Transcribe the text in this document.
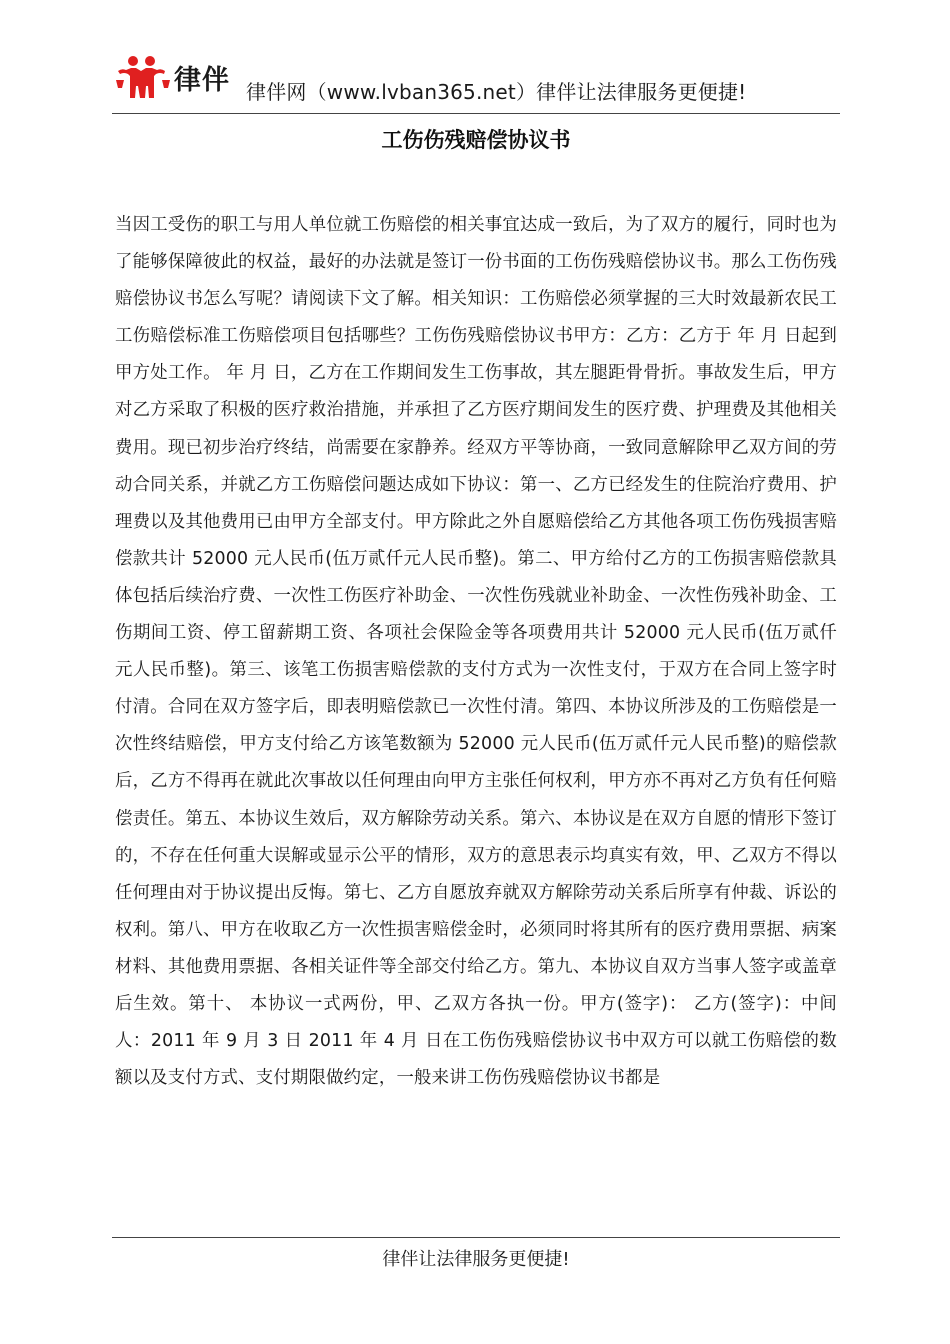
律伴 律伴网（www.lvban365.net）律伴让法律服务更便捷!
工伤伤残赔偿协议书
当因工受伤的职工与用人单位就工伤赔偿的相关事宜达成一致后，为了双方的履行，同时也为了能够保障彼此的权益，最好的办法就是签订一份书面的工伤伤残赔偿协议书。那么工伤伤残赔偿协议书怎么写呢？请阅读下文了解。相关知识：工伤赔偿必须掌握的三大时效最新农民工工伤赔偿标准工伤赔偿项目包括哪些？工伤伤残赔偿协议书甲方：乙方：乙方于 年 月 日起到甲方处工作。 年 月 日，乙方在工作期间发生工伤事故，其左腿距骨骨折。事故发生后，甲方对乙方采取了积极的医疗救治措施，并承担了乙方医疗期间发生的医疗费、护理费及其他相关费用。现已初步治疗终结，尚需要在家静养。经双方平等协商，一致同意解除甲乙双方间的劳动合同关系，并就乙方工伤赔偿问题达成如下协议：第一、乙方已经发生的住院治疗费用、护理费以及其他费用已由甲方全部支付。甲方除此之外自愿赔偿给乙方其他各项工伤伤残损害赔偿款共计 52000 元人民币(伍万贰仟元人民币整)。第二、甲方给付乙方的工伤损害赔偿款具体包括后续治疗费、一次性工伤医疗补助金、一次性伤残就业补助金、一次性伤残补助金、工伤期间工资、停工留薪期工资、各项社会保险金等各项费用共计 52000 元人民币(伍万贰仟元人民币整)。第三、该笔工伤损害赔偿款的支付方式为一次性支付，于双方在合同上签字时付清。合同在双方签字后，即表明赔偿款已一次性付清。第四、本协议所涉及的工伤赔偿是一次性终结赔偿，甲方支付给乙方该笔数额为 52000 元人民币(伍万贰仟元人民币整)的赔偿款后，乙方不得再在就此次事故以任何理由向甲方主张任何权利，甲方亦不再对乙方负有任何赔偿责任。第五、本协议生效后，双方解除劳动关系。第六、本协议是在双方自愿的情形下签订的，不存在任何重大误解或显示公平的情形，双方的意思表示均真实有效，甲、乙双方不得以任何理由对于协议提出反悔。第七、乙方自愿放弃就双方解除劳动关系后所享有仲裁、诉讼的权利。第八、甲方在收取乙方一次性损害赔偿金时，必须同时将其所有的医疗费用票据、病案材料、其他费用票据、各相关证件等全部交付给乙方。第九、本协议自双方当事人签字或盖章后生效。第十、 本协议一式两份，甲、乙双方各执一份。甲方(签字)： 乙方(签字)：中间人：2011 年 9 月 3 日 2011 年 4 月 日在工伤伤残赔偿协议书中双方可以就工伤赔偿的数额以及支付方式、支付期限做约定，一般来讲工伤伤残赔偿协议书都是
律伴让法律服务更便捷!
